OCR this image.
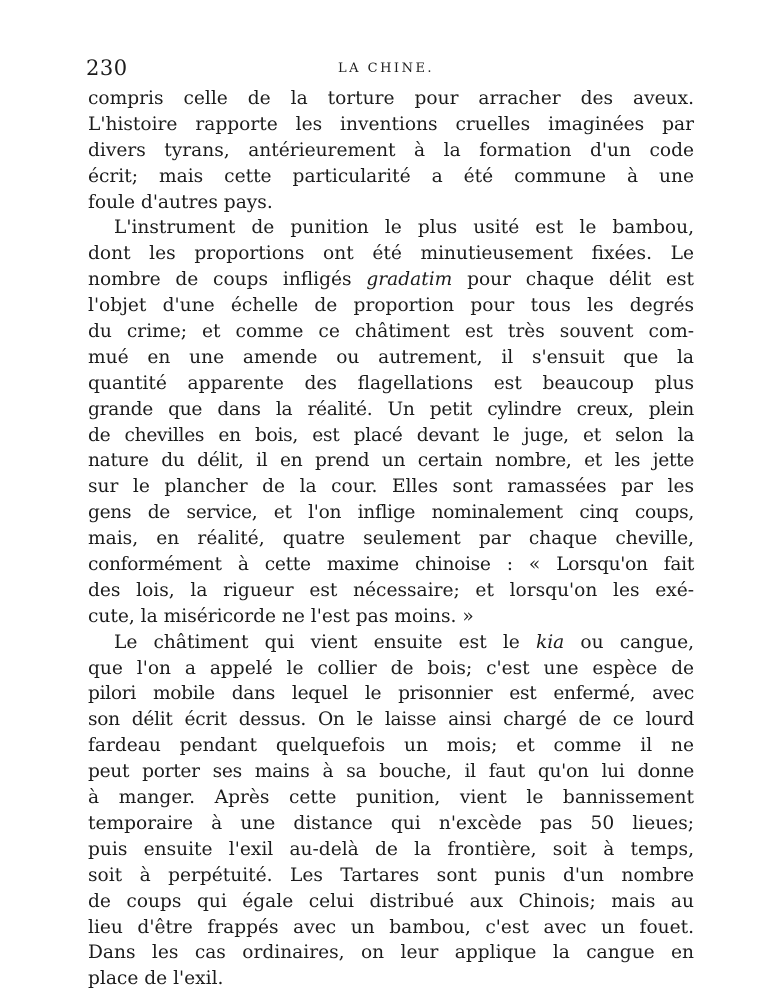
230	LA CHINE.
compris celle de la torture pour arracher des aveux.
L'histoire rapporte les inventions cruelles imaginées par
divers tyrans, antérieurement à la formation d'un code
écrit; mais cette particularité a été commune à une
foule d'autres pays.
L'instrument de punition le plus usité est le bambou,
dont les proportions ont été minutieusement fixées. Le
nombre de coups infligés gradatim pour chaque délit est
l'objet d'une échelle de proportion pour tous les degrés
du crime; et comme ce châtiment est très souvent com-
mué en une amende ou autrement, il s'ensuit que la
quantité apparente des flagellations est beaucoup plus
grande que dans la réalité. Un petit cylindre creux, plein
de chevilles en bois, est placé devant le juge, et selon la
nature du délit, il en prend un certain nombre, et les jette
sur le plancher de la cour. Elles sont ramassées par les
gens de service, et l'on inflige nominalement cinq coups,
mais, en réalité, quatre seulement par chaque cheville,
conformément à cette maxime chinoise : « Lorsqu'on fait
des lois, la rigueur est nécessaire; et lorsqu'on les exé-
cute, la miséricorde ne l'est pas moins. »
Le châtiment qui vient ensuite est le kia ou cangue,
que l'on a appelé le collier de bois; c'est une espèce de
pilori mobile dans lequel le prisonnier est enfermé, avec
son délit écrit dessus. On le laisse ainsi chargé de ce lourd
fardeau pendant quelquefois un mois; et comme il ne
peut porter ses mains à sa bouche, il faut qu'on lui donne
à manger. Après cette punition, vient le bannissement
temporaire à une distance qui n'excède pas 50 lieues;
puis ensuite l'exil au-delà de la frontière, soit à temps,
soit à perpétuité. Les Tartares sont punis d'un nombre
de coups qui égale celui distribué aux Chinois; mais au
lieu d'être frappés avec un bambou, c'est avec un fouet.
Dans les cas ordinaires, on leur applique la cangue en
place de l'exil.
